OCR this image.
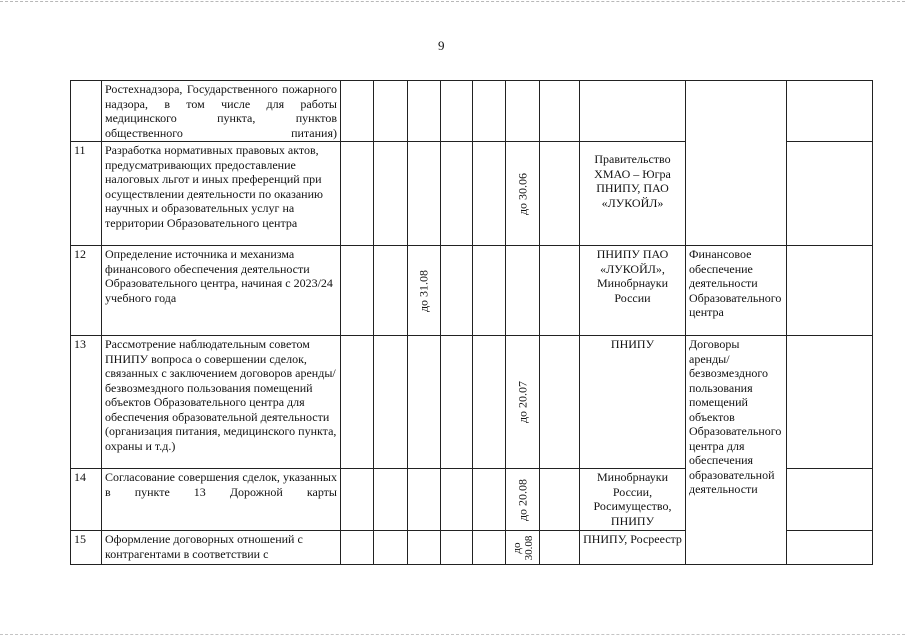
9
	Ростехнадзора, Государственного пожарного надзора, в том числе для работы медицинского пункта, пунктов общественного питания)										
11	Разработка нормативных правовых актов, предусматривающих предоставление налоговых льгот и иных преференций при осуществлении деятельности по оказанию научных и образовательных услуг на территории Образовательного центра						до 30.06		Правительство ХМАО – Югра ПНИПУ, ПАО «ЛУКОЙЛ»		
12	Определение источника и механизма финансового обеспечения деятельности Образовательного центра, начиная с 2023/24 учебного года			до 31.08					ПНИПУ ПАО «ЛУКОЙЛ», Минобрнауки России	Финансовое обеспечение деятельности Образовательного центра	
13	Рассмотрение наблюдательным советом ПНИПУ вопроса о совершении сделок, связанных с заключением договоров аренды/безвозмездного пользования помещений объектов Образовательного центра для обеспечения образовательной деятельности (организация питания, медицинского пункта, охраны и т.д.)						до 20.07		ПНИПУ	Договоры аренды/безвозмездного пользования помещений объектов Образовательного центра для обеспечения образовательной деятельности	
14	Согласование совершения сделок, указанных в пункте 13 Дорожной карты						до 20.08		Минобрнауки России, Росимущество, ПНИПУ		
15	Оформление договорных отношений с контрагентами в соответствии с						до 30.08		ПНИПУ, Росреестр		
